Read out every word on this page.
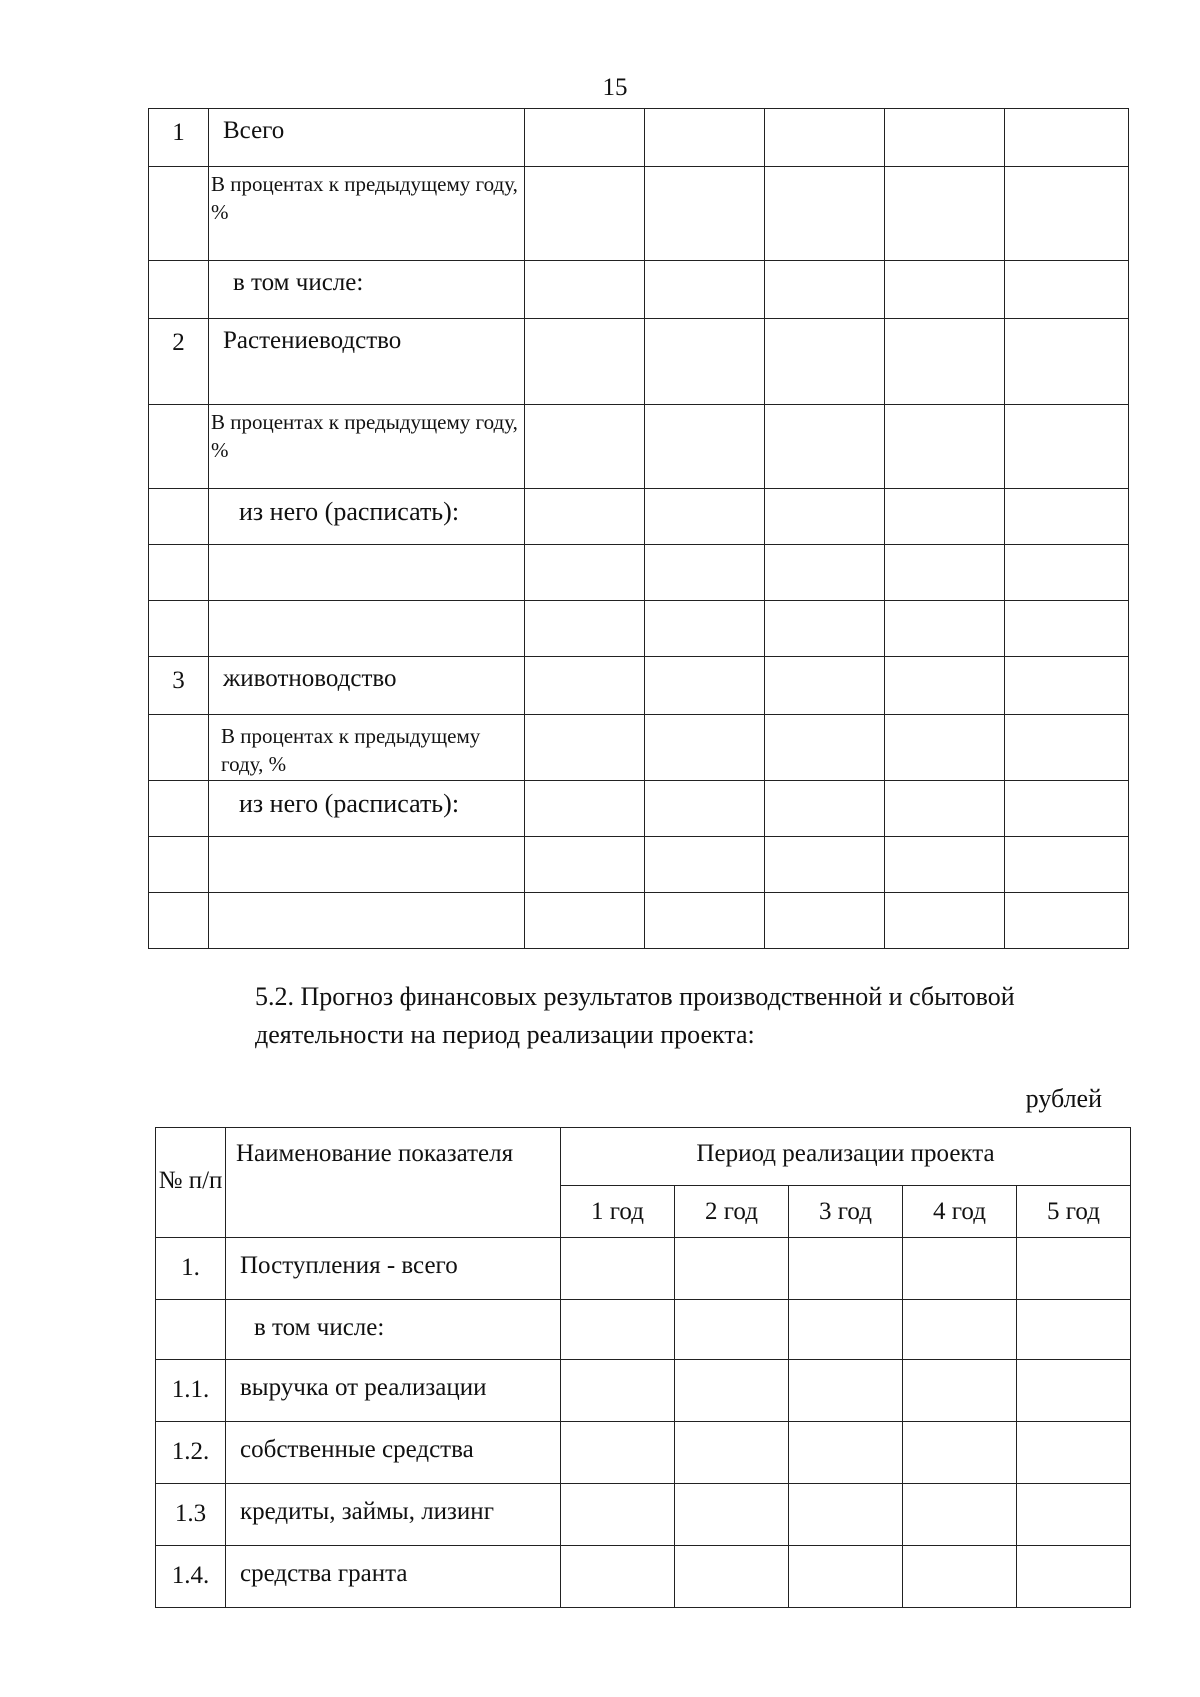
15
1	Всего					
	В процентах к предыдущему году, %					
	в том числе:					
2	Растениеводство					
	В процентах к предыдущему году, %					
	из него (расписать):					

3	животноводство					
	В процентах к предыдущему году, %					
	из него (расписать):					

5.2. Прогноз финансовых результатов производственной и сбытовой деятельности на период реализации проекта:
рублей
№ п/п	Наименование показателя	Период реализации проекта				
		1 год	2 год	3 год	4 год	5 год
1.	Поступления - всего					
	в том числе:					
1.1.	выручка от реализации					
1.2.	собственные средства					
1.3	кредиты, займы, лизинг					
1.4.	средства гранта					
